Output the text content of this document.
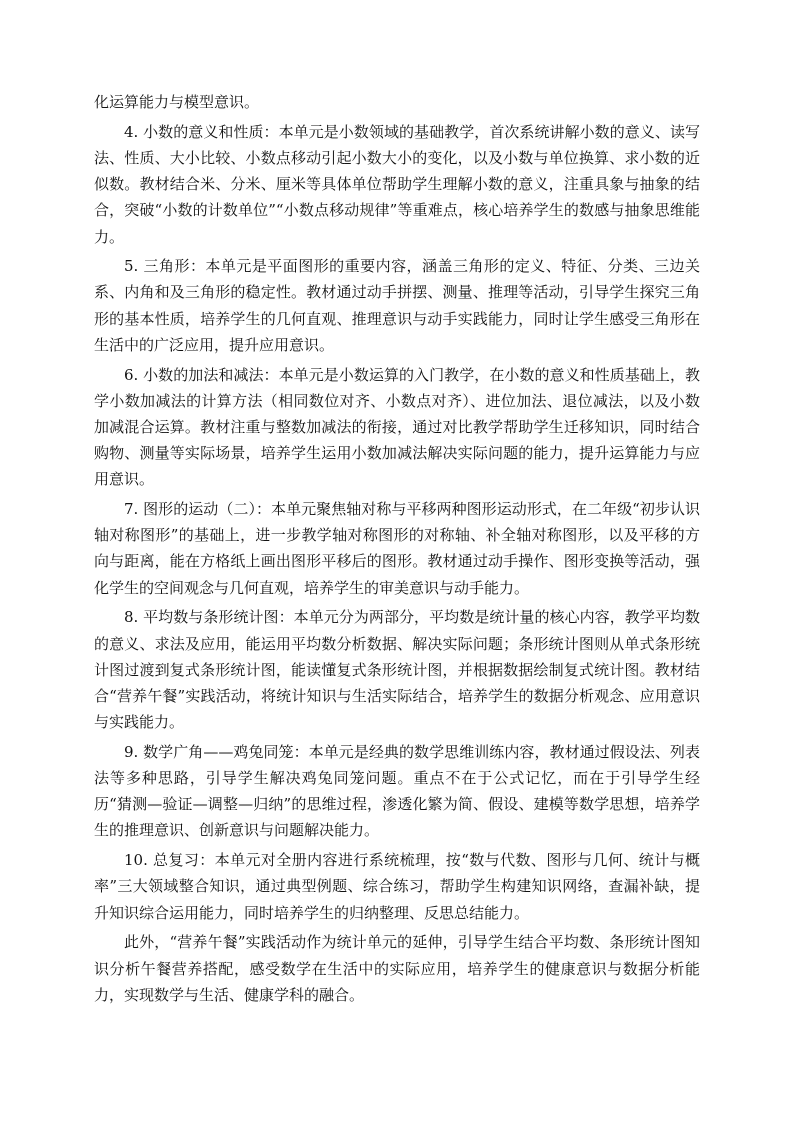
化运算能力与模型意识。

4. 小数的意义和性质：本单元是小数领域的基础教学，首次系统讲解小数的意义、读写法、性质、大小比较、小数点移动引起小数大小的变化，以及小数与单位换算、求小数的近似数。教材结合米、分米、厘米等具体单位帮助学生理解小数的意义，注重具象与抽象的结合，突破“小数的计数单位”“小数点移动规律”等重难点，核心培养学生的数感与抽象思维能力。

5. 三角形：本单元是平面图形的重要内容，涵盖三角形的定义、特征、分类、三边关系、内角和及三角形的稳定性。教材通过动手拼摆、测量、推理等活动，引导学生探究三角形的基本性质，培养学生的几何直观、推理意识与动手实践能力，同时让学生感受三角形在生活中的广泛应用，提升应用意识。

6. 小数的加法和减法：本单元是小数运算的入门教学，在小数的意义和性质基础上，教学小数加减法的计算方法（相同数位对齐、小数点对齐）、进位加法、退位减法，以及小数加减混合运算。教材注重与整数加减法的衔接，通过对比教学帮助学生迁移知识，同时结合购物、测量等实际场景，培养学生运用小数加减法解决实际问题的能力，提升运算能力与应用意识。

7. 图形的运动（二）：本单元聚焦轴对称与平移两种图形运动形式，在二年级“初步认识轴对称图形”的基础上，进一步教学轴对称图形的对称轴、补全轴对称图形，以及平移的方向与距离，能在方格纸上画出图形平移后的图形。教材通过动手操作、图形变换等活动，强化学生的空间观念与几何直观，培养学生的审美意识与动手能力。

8. 平均数与条形统计图：本单元分为两部分，平均数是统计量的核心内容，教学平均数的意义、求法及应用，能运用平均数分析数据、解决实际问题；条形统计图则从单式条形统计图过渡到复式条形统计图，能读懂复式条形统计图，并根据数据绘制复式统计图。教材结合“营养午餐”实践活动，将统计知识与生活实际结合，培养学生的数据分析观念、应用意识与实践能力。

9. 数学广角——鸡兔同笼：本单元是经典的数学思维训练内容，教材通过假设法、列表法等多种思路，引导学生解决鸡兔同笼问题。重点不在于公式记忆，而在于引导学生经历“猜测—验证—调整—归纳”的思维过程，渗透化繁为简、假设、建模等数学思想，培养学生的推理意识、创新意识与问题解决能力。

10. 总复习：本单元对全册内容进行系统梳理，按“数与代数、图形与几何、统计与概率”三大领域整合知识，通过典型例题、综合练习，帮助学生构建知识网络，查漏补缺，提升知识综合运用能力，同时培养学生的归纳整理、反思总结能力。

此外，“营养午餐”实践活动作为统计单元的延伸，引导学生结合平均数、条形统计图知识分析午餐营养搭配，感受数学在生活中的实际应用，培养学生的健康意识与数据分析能力，实现数学与生活、健康学科的融合。
